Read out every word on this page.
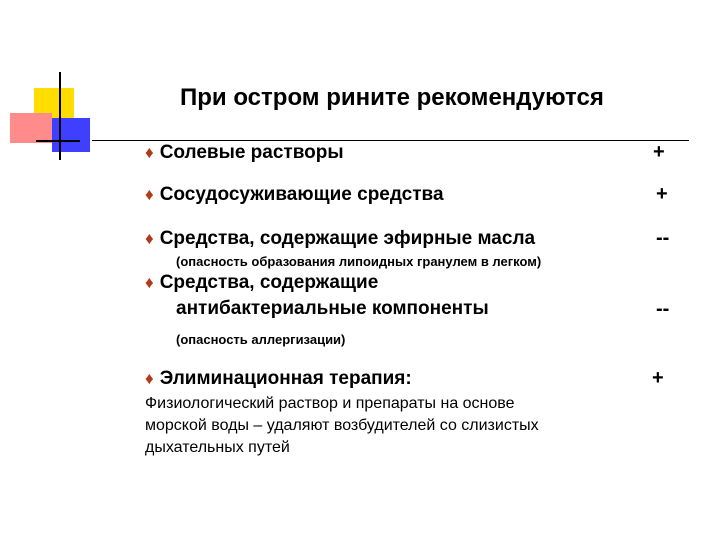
При остром рините рекомендуются
♦ Солевые растворы	+
♦ Сосудосуживающие средства	+
♦ Средства, содержащие эфирные масла	--
(опасность образования липоидных гранулем в легком)
♦ Средства, содержащие
антибактериальные компоненты	--
(опасность аллергизации)
♦ Элиминационная терапия:	+
Физиологический раствор и препараты на основе
морской воды – удаляют возбудителей со слизистых
дыхательных путей
